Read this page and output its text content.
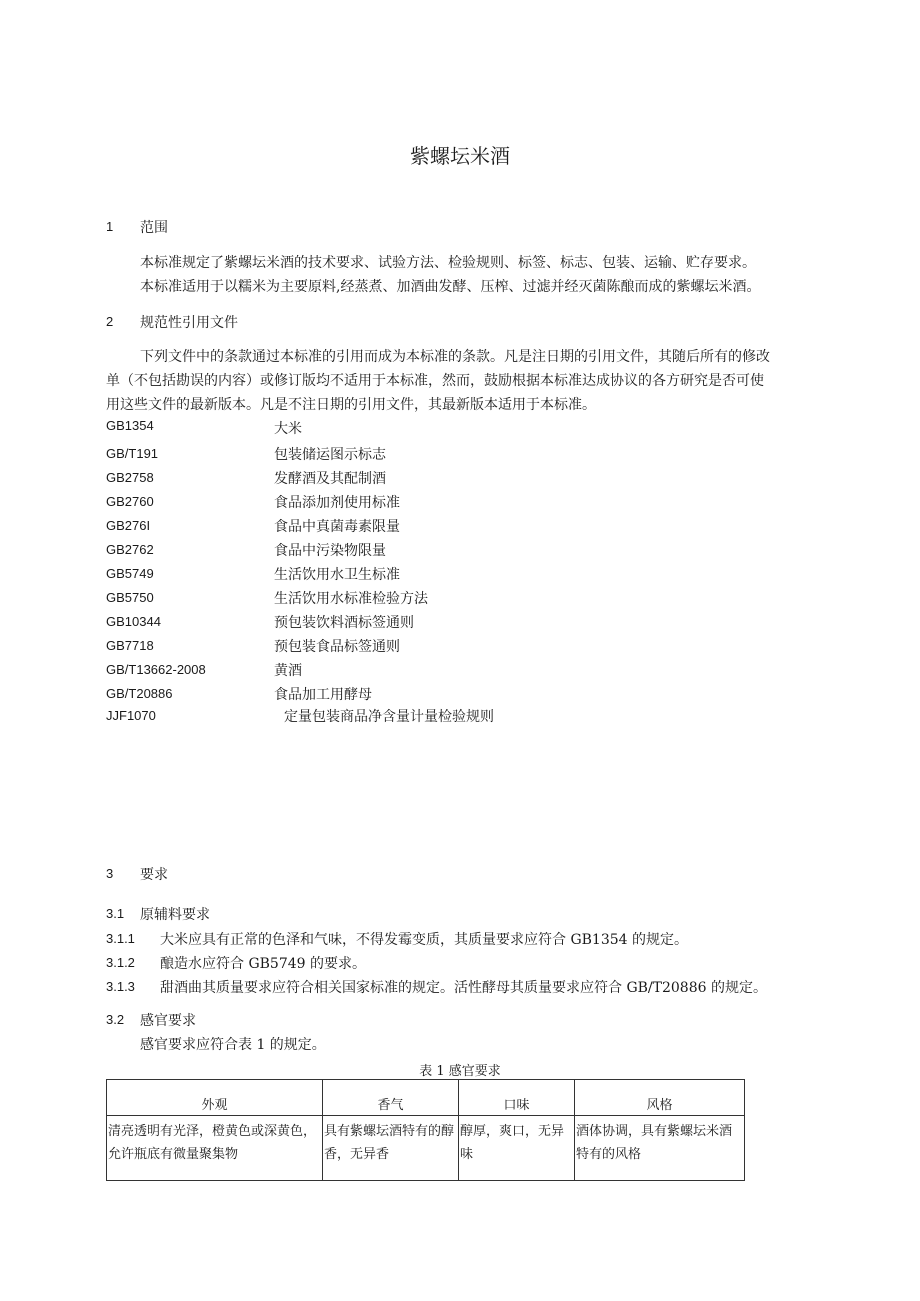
紫螺坛米酒
1 范围
本标准规定了紫螺坛米酒的技术要求、试验方法、检验规则、标签、标志、包装、运输、贮存要求。
本标准适用于以糯米为主要原料,经蒸煮、加酒曲发酵、压榨、过滤并经灭菌陈酿而成的紫螺坛米酒。
2 规范性引用文件
下列文件中的条款通过本标准的引用而成为本标准的条款。凡是注日期的引用文件，其随后所有的修改
单（不包括勘误的内容）或修订版均不适用于本标准，然而，鼓励根据本标准达成协议的各方研究是否可使
用这些文件的最新版本。凡是不注日期的引用文件，其最新版本适用于本标准。
GB1354	大米
GB/T191	包装储运图示标志
GB2758	发酵酒及其配制酒
GB2760	食品添加剂使用标准
GB276I	食品中真菌毒素限量
GB2762	食品中污染物限量
GB5749	生活饮用水卫生标准
GB5750	生活饮用水标准检验方法
GB10344	预包装饮料酒标签通则
GB7718	预包装食品标签通则
GB/T13662-2008	黄酒
GB/T20886	食品加工用酵母
JJF1070	定量包装商品净含量计量检验规则
3 要求
3.1 原辅料要求
3.1.1 大米应具有正常的色泽和气味，不得发霉变质，其质量要求应符合 GB1354 的规定。
3.1.2 酿造水应符合 GB5749 的要求。
3.1.3 甜酒曲其质量要求应符合相关国家标准的规定。活性酵母其质量要求应符合 GB/T20886 的规定。
3.2 感官要求
感官要求应符合表 1 的规定。
表 1 感官要求
外观	香气	口味	风格
清亮透明有光泽，橙黄色或深黄色，允许瓶底有微量聚集物	具有紫螺坛酒特有的醇香，无异香	醇厚，爽口，无异味	酒体协调，具有紫螺坛米酒特有的风格
